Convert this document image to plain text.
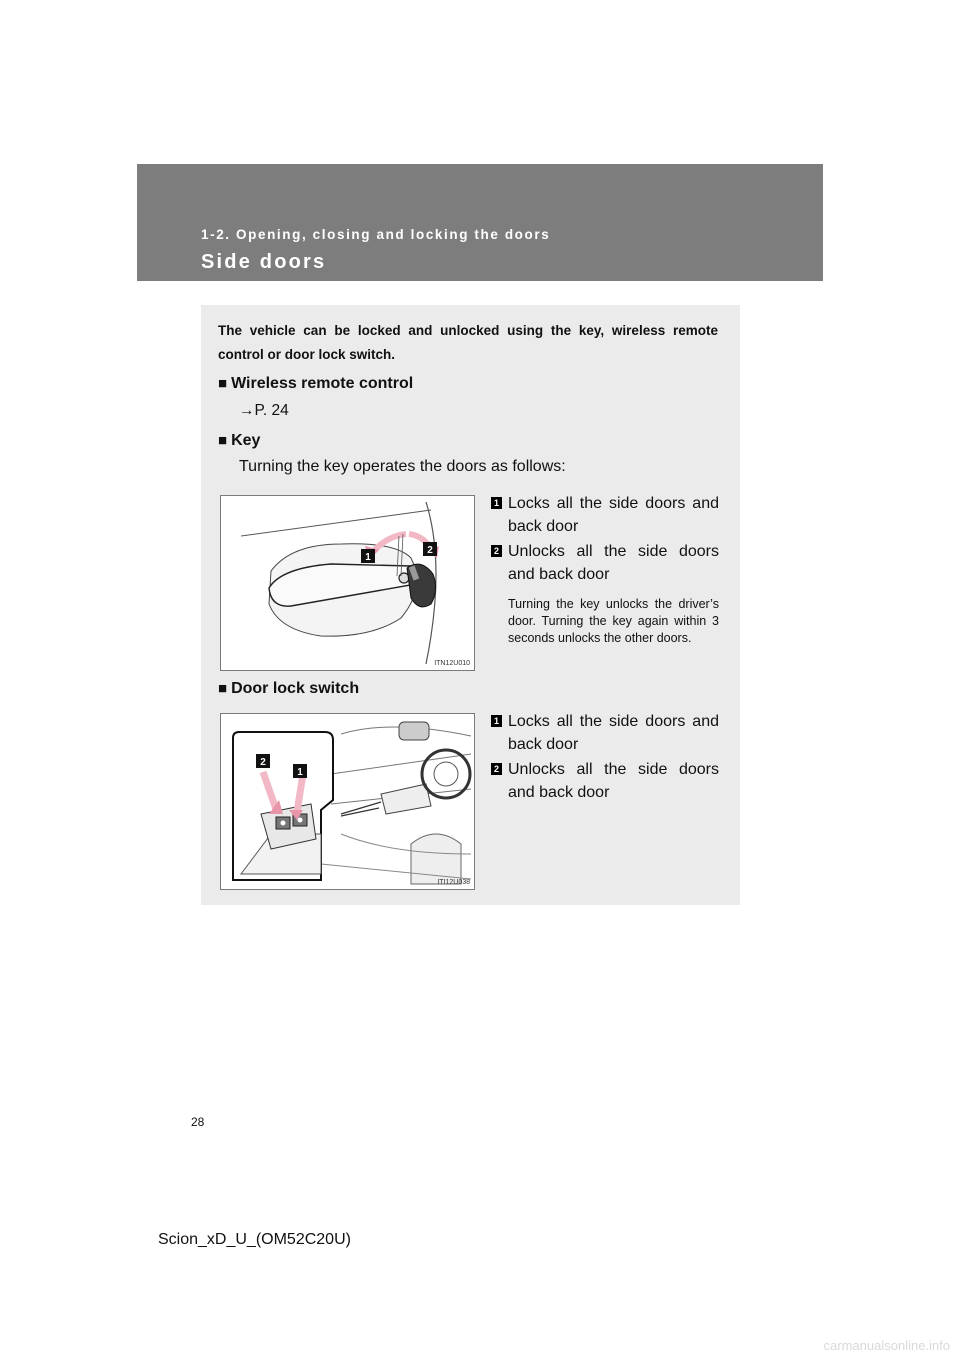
1-2. Opening, closing and locking the doors
Side doors
The vehicle can be locked and unlocked using the key, wireless remote control or door lock switch.
■ Wireless remote control
→P. 24
■ Key
Turning the key operates the doors as follows:
1
2
ITN12U010
1 Locks all the side doors and back door
2 Unlocks all the side doors and back door
Turning the key unlocks the driver’s door. Turning the key again within 3 seconds unlocks the other doors.
■ Door lock switch
2
1
ITI12U038
1 Locks all the side doors and back door
2 Unlocks all the side doors and back door
28
Scion_xD_U_(OM52C20U)
carmanualsonline.info
